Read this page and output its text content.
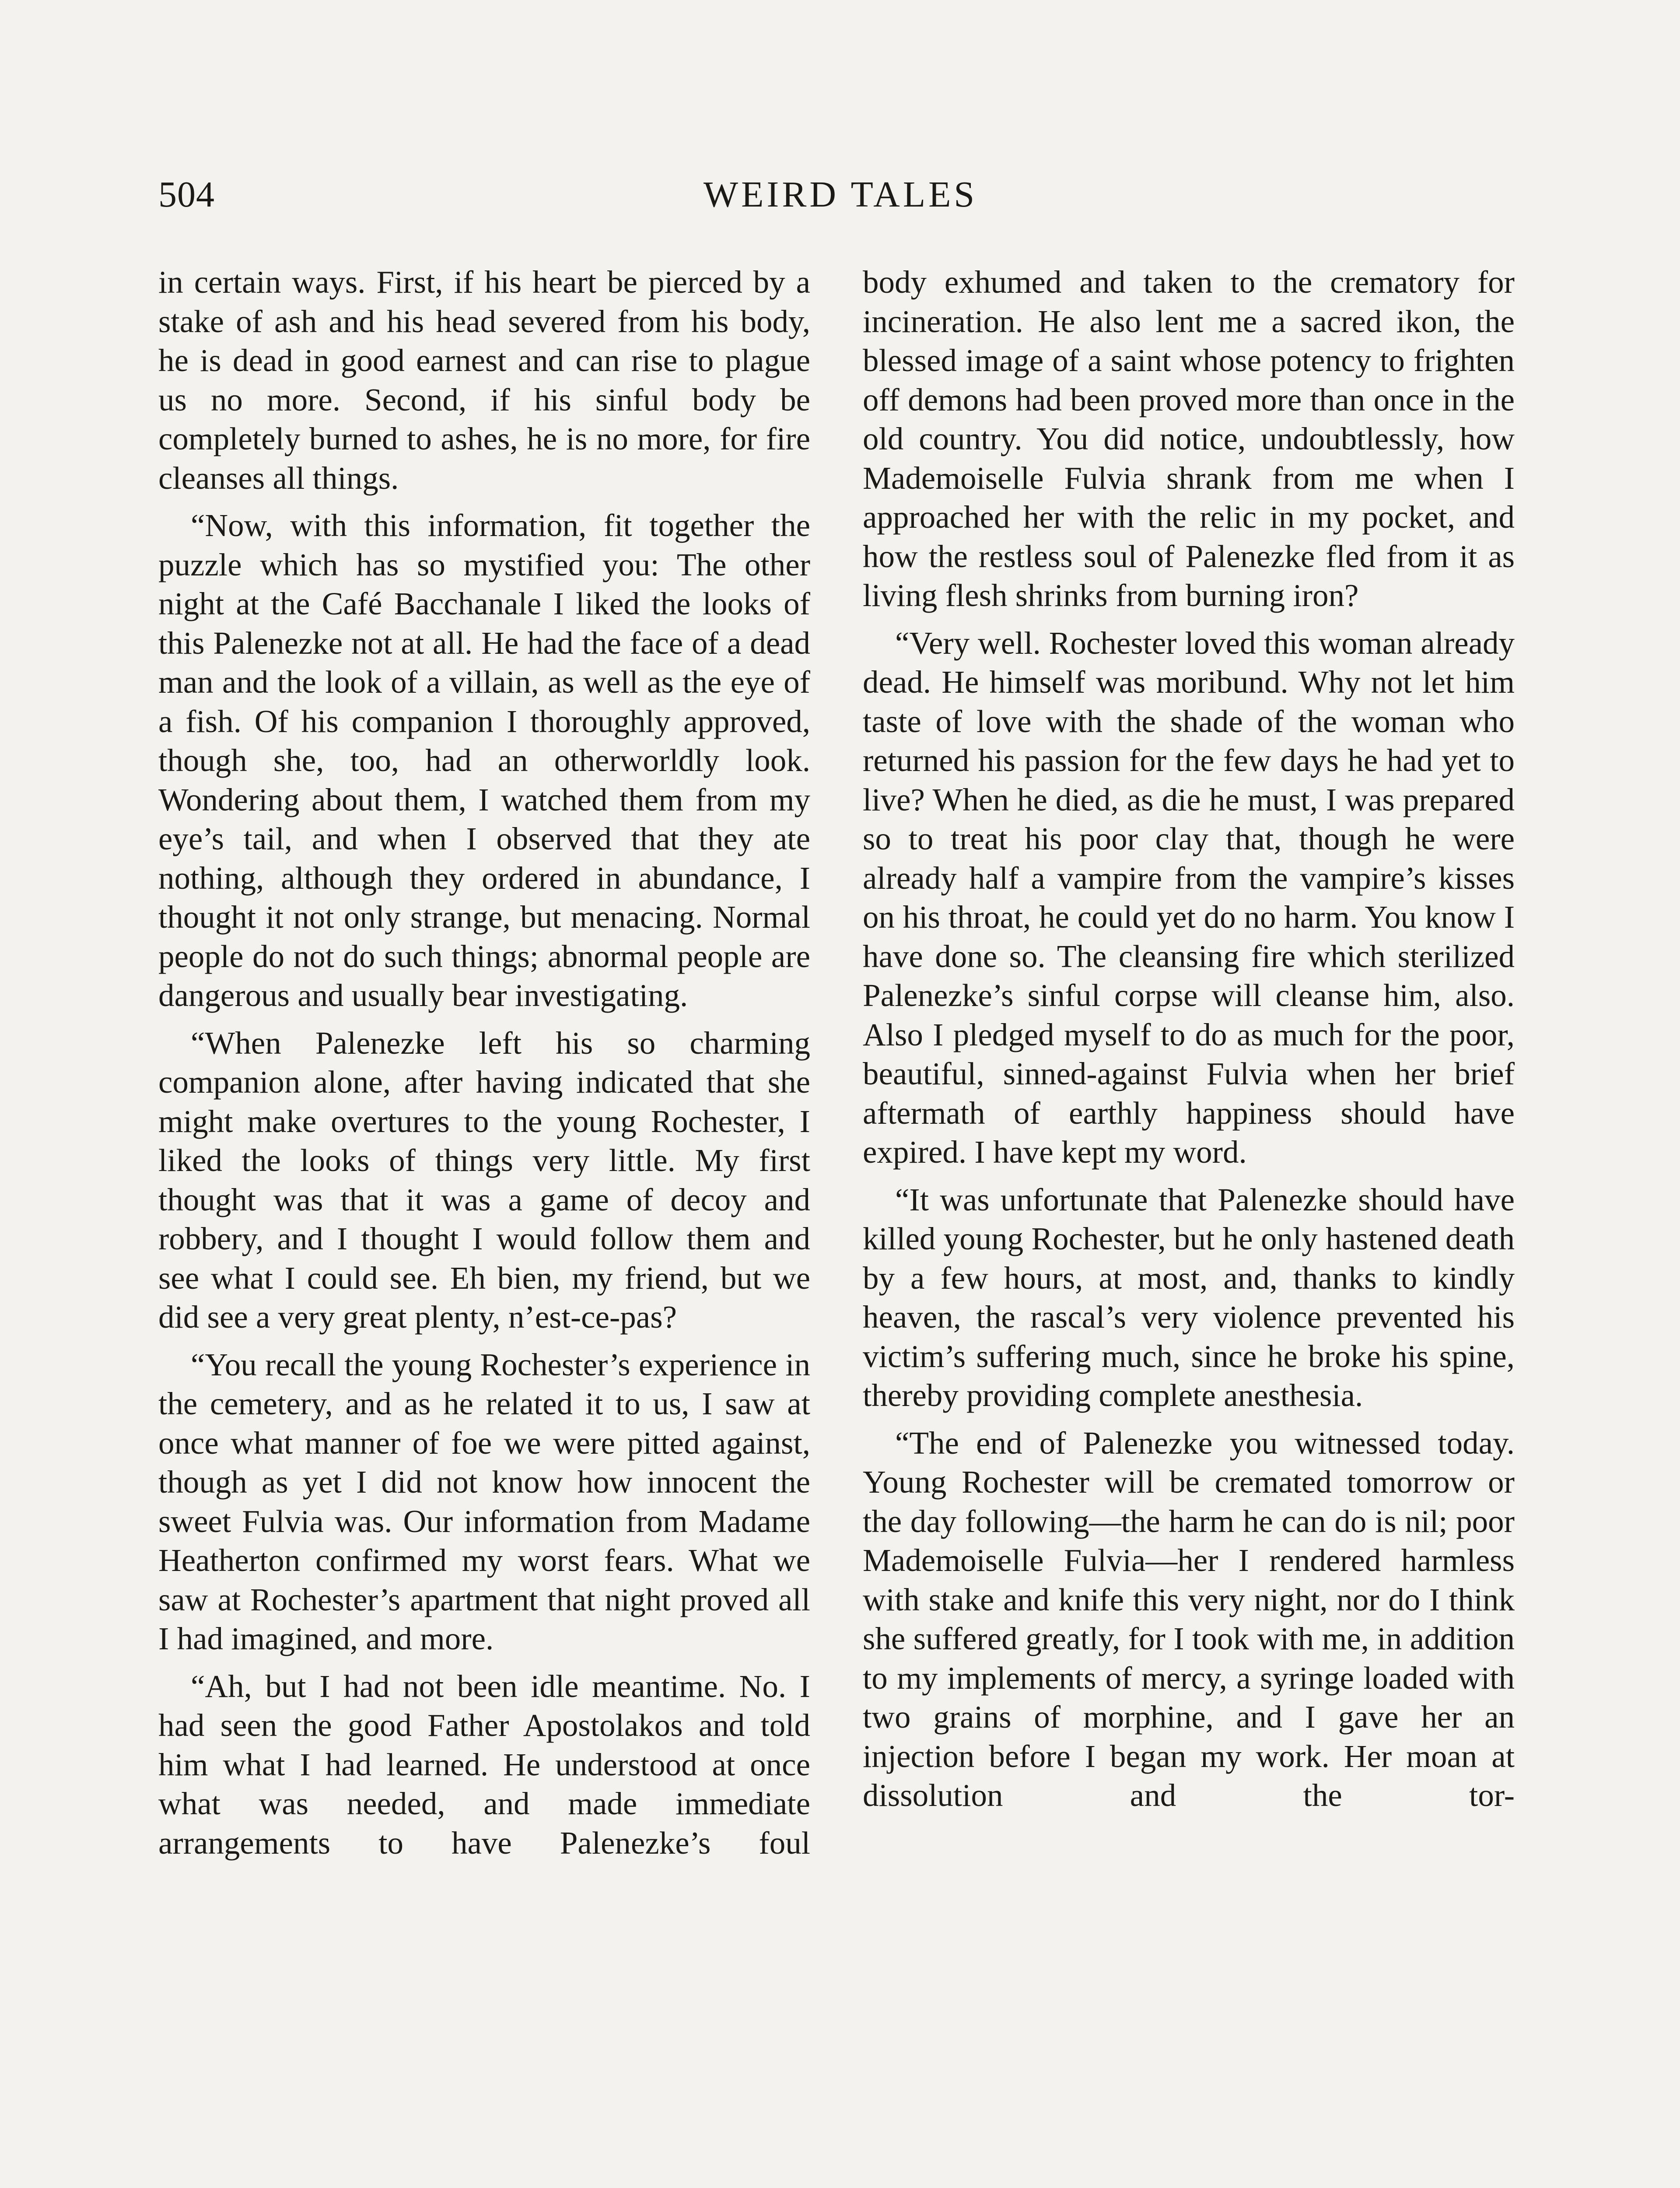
504	WEIRD TALES

in certain ways. First, if his heart be pierced by a stake of ash and his head severed from his body, he is dead in good earnest and can rise to plague us no more. Second, if his sinful body be completely burned to ashes, he is no more, for fire cleanses all things.

“Now, with this information, fit together the puzzle which has so mystified you: The other night at the Café Bacchanale I liked the looks of this Palenezke not at all. He had the face of a dead man and the look of a villain, as well as the eye of a fish. Of his companion I thoroughly approved, though she, too, had an otherworldly look. Wondering about them, I watched them from my eye’s tail, and when I observed that they ate nothing, although they ordered in abundance, I thought it not only strange, but menacing. Normal people do not do such things; abnormal people are dangerous and usually bear investigating.

“When Palenezke left his so charming companion alone, after having indicated that she might make overtures to the young Rochester, I liked the looks of things very little. My first thought was that it was a game of decoy and robbery, and I thought I would follow them and see what I could see. Eh bien, my friend, but we did see a very great plenty, n’est-ce-pas?

“You recall the young Rochester’s experience in the cemetery, and as he related it to us, I saw at once what manner of foe we were pitted against, though as yet I did not know how innocent the sweet Fulvia was. Our information from Madame Heatherton confirmed my worst fears. What we saw at Rochester’s apartment that night proved all I had imagined, and more.

“Ah, but I had not been idle meantime. No. I had seen the good Father Apostolakos and told him what I had learned. He understood at once what was needed, and made immediate arrangements to have Palenezke’s foul

body exhumed and taken to the crematory for incineration. He also lent me a sacred ikon, the blessed image of a saint whose potency to frighten off demons had been proved more than once in the old country. You did notice, undoubtlessly, how Mademoiselle Fulvia shrank from me when I approached her with the relic in my pocket, and how the restless soul of Palenezke fled from it as living flesh shrinks from burning iron?

“Very well. Rochester loved this woman already dead. He himself was moribund. Why not let him taste of love with the shade of the woman who returned his passion for the few days he had yet to live? When he died, as die he must, I was prepared so to treat his poor clay that, though he were already half a vampire from the vampire’s kisses on his throat, he could yet do no harm. You know I have done so. The cleansing fire which sterilized Palenezke’s sinful corpse will cleanse him, also. Also I pledged myself to do as much for the poor, beautiful, sinned-against Fulvia when her brief aftermath of earthly happiness should have expired. I have kept my word.

“It was unfortunate that Palenezke should have killed young Rochester, but he only hastened death by a few hours, at most, and, thanks to kindly heaven, the rascal’s very violence prevented his victim’s suffering much, since he broke his spine, thereby providing complete anesthesia.

“The end of Palenezke you witnessed today. Young Rochester will be cremated tomorrow or the day following—the harm he can do is nil; poor Mademoiselle Fulvia—her I rendered harmless with stake and knife this very night, nor do I think she suffered greatly, for I took with me, in addition to my implements of mercy, a syringe loaded with two grains of morphine, and I gave her an injection before I began my work. Her moan at dissolution and the tor-
